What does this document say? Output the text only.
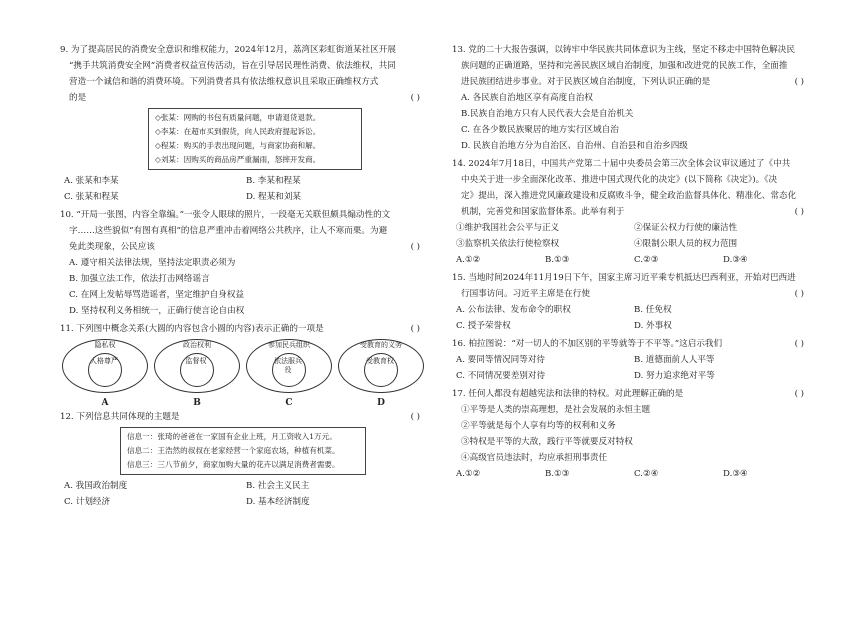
9. 为了提高居民的消费安全意识和维权能力，2024年12月，荔湾区彩虹街道某社区开展

“携手共筑消费安全网”消费者权益宣传活动，旨在引导居民理性消费、依法维权，共同

营造一个诚信和谐的消费环境。下列消费者具有依法维权意识且采取正确维权方式

的是	( )

◇张某：网购的书包有质量问题，申请退货退款。
◇李某：在超市买到假货，向人民政府提起诉讼。
◇程某：购买的手表出现问题，与商家协商和解。
◇刘某：因购买的商品房严重漏雨，怒摔开发商。
A. 张某和李某	B. 李某和程某
C. 张某和程某	D. 程某和刘某

10. “开局一张图，内容全靠编。”一张令人眼球的照片，一段毫无关联但颇具煽动性的文

字……这些貌似“有图有真相”的信息严重冲击着网络公共秩序，让人不寒而栗。为避

免此类现象，公民应该	( )

A. 遵守相关法律法规，坚持法定职责必须为
B. 加强立法工作，依法打击网络谣言
C. 在网上发帖辱骂造谣者，坚定维护自身权益
D. 坚持权利义务相统一，正确行使言论自由权

11. 下列图中概念关系(大圆的内容包含小圆的内容)表示正确的一项是	( )

隐私权
人格尊严
A
政治权利
监督权
B
参加民兵组织
依法服兵役
C
受教育的义务
受教育权
D

12. 下列信息共同体现的主题是	( )

信息一：张琦的爸爸在一家国有企业上班，月工资收入1万元。
信息二：王浩然的叔叔在老家经营一个家庭农场，种植有机菜。
信息三：三八节前夕，商家加购大量的花卉以满足消费者需要。
A. 我国政治制度	B. 社会主义民主
C. 计划经济	D. 基本经济制度

13. 党的二十大报告强调，以铸牢中华民族共同体意识为主线，坚定不移走中国特色解决民

族问题的正确道路，坚持和完善民族区域自治制度，加强和改进党的民族工作，全面推

进民族团结进步事业。对于民族区域自治制度，下列认识正确的是	( )

A. 各民族自治地区享有高度自治权
B.民族自治地方只有人民代表大会是自治机关
C. 在各少数民族聚居的地方实行区域自治
D. 民族自治地方分为自治区、自治州、自治县和自治乡四级

14. 2024年7月18日，中国共产党第二十届中央委员会第三次全体会议审议通过了《中共

中央关于进一步全面深化改革、推进中国式现代化的决定》(以下简称《决定》)。《决

定》提出，深入推进党风廉政建设和反腐败斗争，健全政治监督具体化、精准化、常态化

机制，完善党和国家监督体系。此举有利于	( )

①维护我国社会公平与正义	②保证公权力行使的廉洁性
③监察机关依法行使检察权	④限制公职人员的权力范围
A.①②	B.①③	C.②③	D.③④

15. 当地时间2024年11月19日下午，国家主席习近平乘专机抵达巴西利亚，开始对巴西进

行国事访问。习近平主席是在行使	( )

A. 公布法律、发布命令的职权	B. 任免权
C. 授予荣誉权	D. 外事权

16. 柏拉图说：“对一切人的不加区别的平等就等于不平等。”这启示我们	( )

A. 要同等情况同等对待	B. 道德面前人人平等
C. 不同情况要差别对待	D. 努力追求绝对平等

17. 任何人都没有超越宪法和法律的特权。对此理解正确的是	( )

①平等是人类的崇高理想，是社会发展的永恒主题
②平等就是每个人享有均等的权利和义务
③特权是平等的大敌，践行平等就要反对特权
④高级官员违法时，均应承担刑事责任
A.①②	B.①③	C.②④	D.③④
